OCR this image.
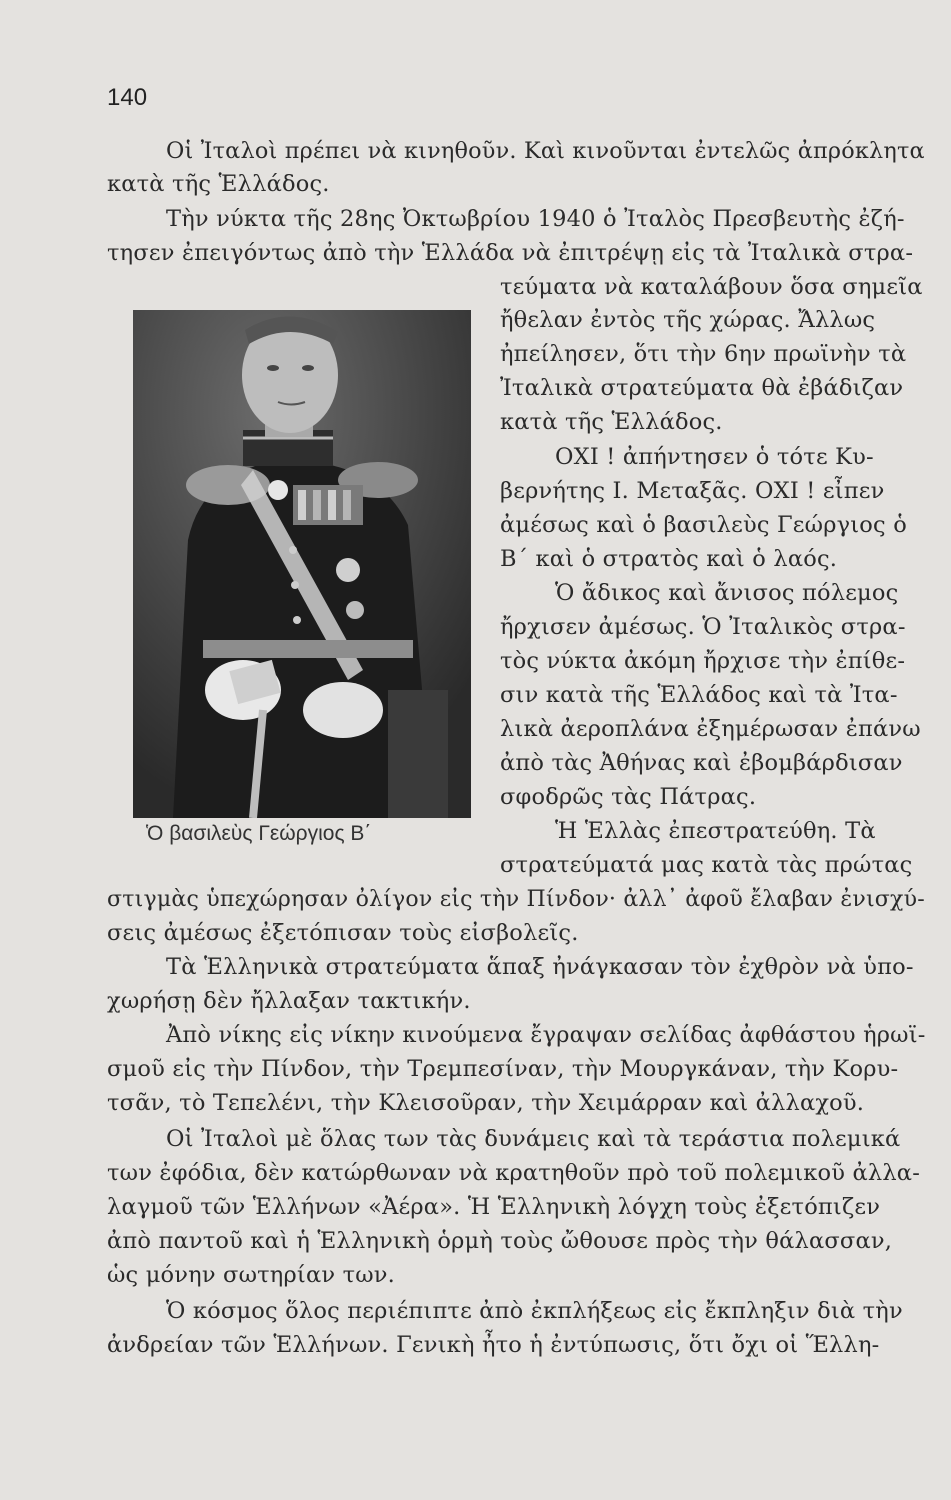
140
Ὁ βασιλεὺς Γεώργιος Β΄
Οἱ Ἰταλοὶ πρέπει νὰ κινηθοῦν. Καὶ κινοῦνται ἐντελῶς ἀπρόκλητα
κατὰ τῆς Ἑλλάδος.
Τὴν νύκτα τῆς 28ης Ὀκτωβρίου 1940 ὁ Ἰταλὸς Πρεσβευτὴς ἐζή-
τησεν ἐπειγόντως ἀπὸ τὴν Ἑλλάδα νὰ ἐπιτρέψῃ εἰς τὰ Ἰταλικὰ στρα-
τεύματα νὰ καταλάβουν ὅσα σημεῖα
ἤθελαν ἐντὸς τῆς χώρας. Ἄλλως
ἠπείλησεν, ὅτι τὴν 6ην πρωϊνὴν τὰ
Ἰταλικὰ στρατεύματα θὰ ἐβάδιζαν
κατὰ τῆς Ἑλλάδος.
ΟΧΙ ! ἀπήντησεν ὁ τότε Κυ-
βερνήτης Ι. Μεταξᾶς. ΟΧΙ ! εἶπεν
ἀμέσως καὶ ὁ βασιλεὺς Γεώργιος ὁ
Β΄ καὶ ὁ στρατὸς καὶ ὁ λαός.
Ὁ ἄδικος καὶ ἄνισος πόλεμος
ἤρχισεν ἀμέσως. Ὁ Ἰταλικὸς στρα-
τὸς νύκτα ἀκόμη ἤρχισε τὴν ἐπίθε-
σιν κατὰ τῆς Ἑλλάδος καὶ τὰ Ἰτα-
λικὰ ἀεροπλάνα ἐξημέρωσαν ἐπάνω
ἀπὸ τὰς Ἀθήνας καὶ ἐβομβάρδισαν
σφοδρῶς τὰς Πάτρας.
Ἡ Ἑλλὰς ἐπεστρατεύθη. Τὰ
στρατεύματά μας κατὰ τὰς πρώτας
στιγμὰς ὑπεχώρησαν ὀλίγον εἰς τὴν Πίνδον· ἀλλ᾿ ἀφοῦ ἔλαβαν ἐνισχύ-
σεις ἀμέσως ἐξετόπισαν τοὺς εἰσβολεῖς.
Τὰ Ἑλληνικὰ στρατεύματα ἅπαξ ἠνάγκασαν τὸν ἐχθρὸν νὰ ὑπο-
χωρήσῃ δὲν ἤλλαξαν τακτικήν.
Ἀπὸ νίκης εἰς νίκην κινούμενα ἔγραψαν σελίδας ἀφθάστου ἡρωϊ-
σμοῦ εἰς τὴν Πίνδον, τὴν Τρεμπεσίναν, τὴν Μουργκάναν, τὴν Κορυ-
τσᾶν, τὸ Τεπελένι, τὴν Κλεισοῦραν, τὴν Χειμάρραν καὶ ἀλλαχοῦ.
Οἱ Ἰταλοὶ μὲ ὅλας των τὰς δυνάμεις καὶ τὰ τεράστια πολεμικά
των ἐφόδια, δὲν κατώρθωναν νὰ κρατηθοῦν πρὸ τοῦ πολεμικοῦ ἀλλα-
λαγμοῦ τῶν Ἑλλήνων «Ἀέρα». Ἡ Ἑλληνικὴ λόγχη τοὺς ἐξετόπιζεν
ἀπὸ παντοῦ καὶ ἡ Ἑλληνικὴ ὁρμὴ τοὺς ὤθουσε πρὸς τὴν θάλασσαν,
ὡς μόνην σωτηρίαν των.
Ὁ κόσμος ὅλος περιέπιπτε ἀπὸ ἐκπλήξεως εἰς ἔκπληξιν διὰ τὴν
ἀνδρείαν τῶν Ἑλλήνων. Γενικὴ ἦτο ἡ ἐντύπωσις, ὅτι ὄχι οἱ Ἕλλη-
